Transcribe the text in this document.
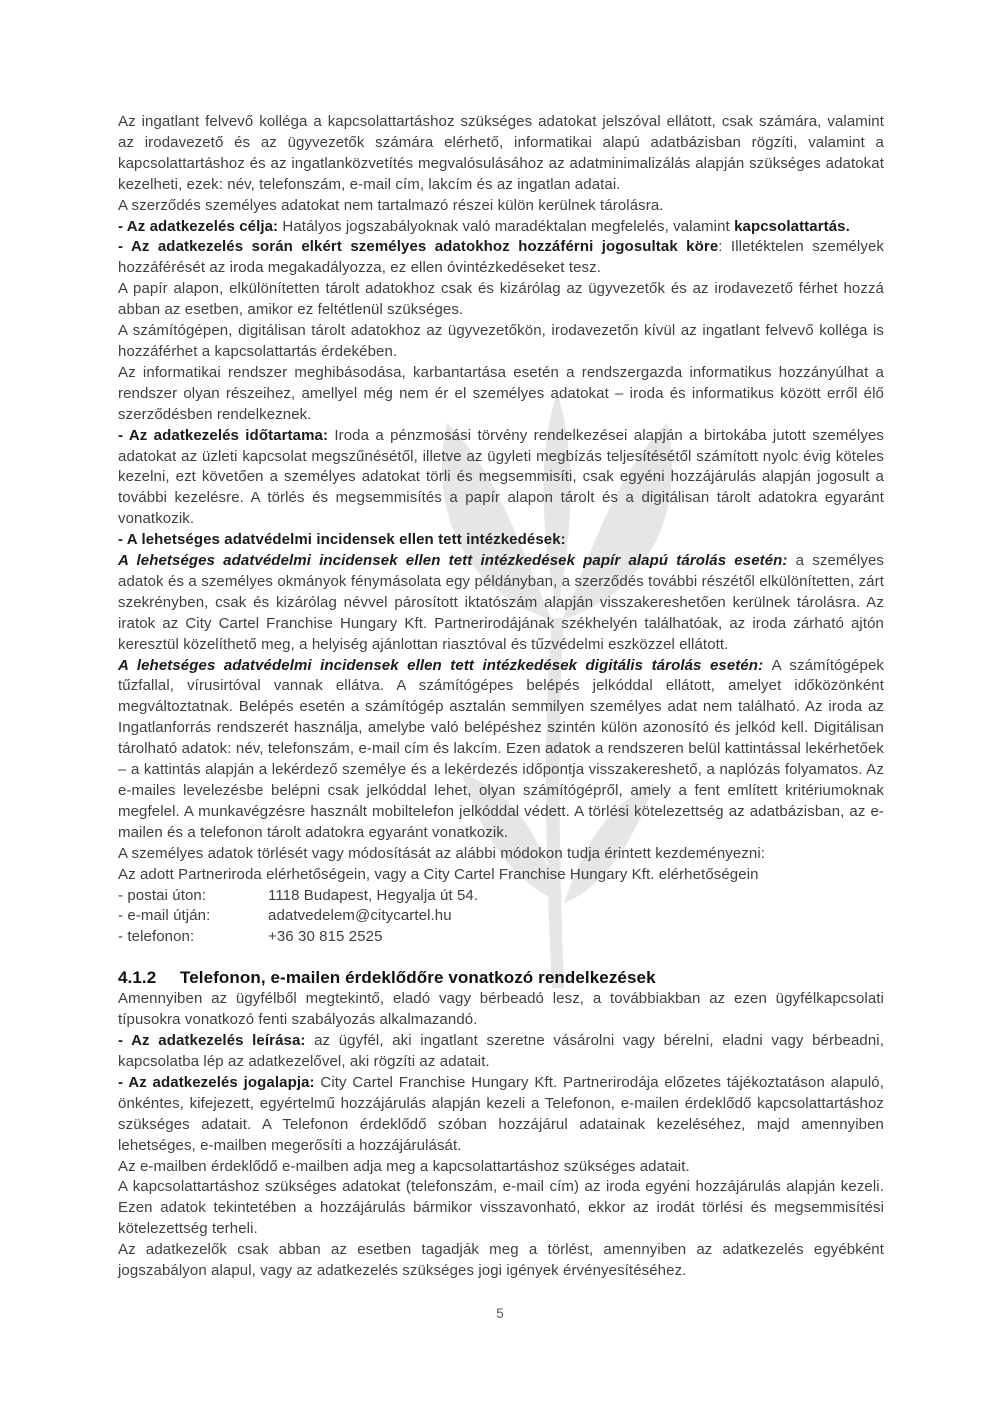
Az ingatlant felvevő kolléga a kapcsolattartáshoz szükséges adatokat jelszóval ellátott, csak számára, valamint az irodavezető és az ügyvezetők számára elérhető, informatikai alapú adatbázisban rögzíti, valamint a kapcsolattartáshoz és az ingatlanközvetítés megvalósulásához az adatminimalizálás alapján szükséges adatokat kezelheti, ezek: név, telefonszám, e-mail cím, lakcím és az ingatlan adatai.
A szerződés személyes adatokat nem tartalmazó részei külön kerülnek tárolásra.
- Az adatkezelés célja: Hatályos jogszabályoknak való maradéktalan megfelelés, valamint kapcsolattartás.
- Az adatkezelés során elkért személyes adatokhoz hozzáférni jogosultak köre: Illetéktelen személyek hozzáférését az iroda megakadályozza, ez ellen óvintézkedéseket tesz.
A papír alapon, elkülönítetten tárolt adatokhoz csak és kizárólag az ügyvezetők és az irodavezető férhet hozzá abban az esetben, amikor ez feltétlenül szükséges.
A számítógépen, digitálisan tárolt adatokhoz az ügyvezetőkön, irodavezetőn kívül az ingatlant felvevő kolléga is hozzáférhet a kapcsolattartás érdekében.
Az informatikai rendszer meghibásodása, karbantartása esetén a rendszergazda informatikus hozzányúlhat a rendszer olyan részeihez, amellyel még nem ér el személyes adatokat – iroda és informatikus között erről élő szerződésben rendelkeznek.
- Az adatkezelés időtartama: Iroda a pénzmosási törvény rendelkezései alapján a birtokába jutott személyes adatokat az üzleti kapcsolat megszűnésétől, illetve az ügyleti megbízás teljesítésétől számított nyolc évig köteles kezelni, ezt követően a személyes adatokat törli és megsemmisíti, csak egyéni hozzájárulás alapján jogosult a további kezelésre. A törlés és megsemmisítés a papír alapon tárolt és a digitálisan tárolt adatokra egyaránt vonatkozik.
- A lehetséges adatvédelmi incidensek ellen tett intézkedések:
A lehetséges adatvédelmi incidensek ellen tett intézkedések papír alapú tárolás esetén: a személyes adatok és a személyes okmányok fénymásolata egy példányban, a szerződés további részétől elkülönítetten, zárt szekrényben, csak és kizárólag névvel párosított iktatószám alapján visszakereshetően kerülnek tárolásra. Az iratok az City Cartel Franchise Hungary Kft. Partnerirodájának székhelyén találhatóak, az iroda zárható ajtón keresztül közelíthető meg, a helyiség ajánlottan riasztóval és tűzvédelmi eszközzel ellátott.
A lehetséges adatvédelmi incidensek ellen tett intézkedések digitális tárolás esetén: A számítógépek tűzfallal, vírusirtóval vannak ellátva. A számítógépes belépés jelkóddal ellátott, amelyet időközönként megváltoztatnak. Belépés esetén a számítógép asztalán semmilyen személyes adat nem található. Az iroda az Ingatlanforrás rendszerét használja, amelybe való belépéshez szintén külön azonosító és jelkód kell. Digitálisan tárolható adatok: név, telefonszám, e-mail cím és lakcím. Ezen adatok a rendszeren belül kattintással lekérhetőek – a kattintás alapján a lekérdező személye és a lekérdezés időpontja visszakereshető, a naplózás folyamatos. Az e-mailes levelezésbe belépni csak jelkóddal lehet, olyan számítógépről, amely a fent említett kritériumoknak megfelel. A munkavégzésre használt mobiltelefon jelkóddal védett. A törlési kötelezettség az adatbázisban, az e-mailen és a telefonon tárolt adatokra egyaránt vonatkozik.
A személyes adatok törlését vagy módosítását az alábbi módokon tudja érintett kezdeményezni:
Az adott Partneriroda elérhetőségein, vagy a City Cartel Franchise Hungary Kft. elérhetőségein
- postai úton:	1118 Budapest, Hegyalja út 54.
- e-mail útján:	adatvedelem@citycartel.hu
- telefonon:	+36 30 815 2525
4.1.2	Telefonon, e-mailen érdeklődőre vonatkozó rendelkezések
Amennyiben az ügyfélből megtekintő, eladó vagy bérbeadó lesz, a továbbiakban az ezen ügyfélkapcsolati típusokra vonatkozó fenti szabályozás alkalmazandó.
- Az adatkezelés leírása: az ügyfél, aki ingatlant szeretne vásárolni vagy bérelni, eladni vagy bérbeadni, kapcsolatba lép az adatkezelővel, aki rögzíti az adatait.
- Az adatkezelés jogalapja: City Cartel Franchise Hungary Kft. Partnerirodája előzetes tájékoztatáson alapuló, önkéntes, kifejezett, egyértelmű hozzájárulás alapján kezeli a Telefonon, e-mailen érdeklődő kapcsolattartáshoz szükséges adatait. A Telefonon érdeklődő szóban hozzájárul adatainak kezeléséhez, majd amennyiben lehetséges, e-mailben megerősíti a hozzájárulását.
Az e-mailben érdeklődő e-mailben adja meg a kapcsolattartáshoz szükséges adatait.
A kapcsolattartáshoz szükséges adatokat (telefonszám, e-mail cím) az iroda egyéni hozzájárulás alapján kezeli. Ezen adatok tekintetében a hozzájárulás bármikor visszavonható, ekkor az irodát törlési és megsemmisítési kötelezettség terheli.
Az adatkezelők csak abban az esetben tagadják meg a törlést, amennyiben az adatkezelés egyébként jogszabályon alapul, vagy az adatkezelés szükséges jogi igények érvényesítéséhez.
5
